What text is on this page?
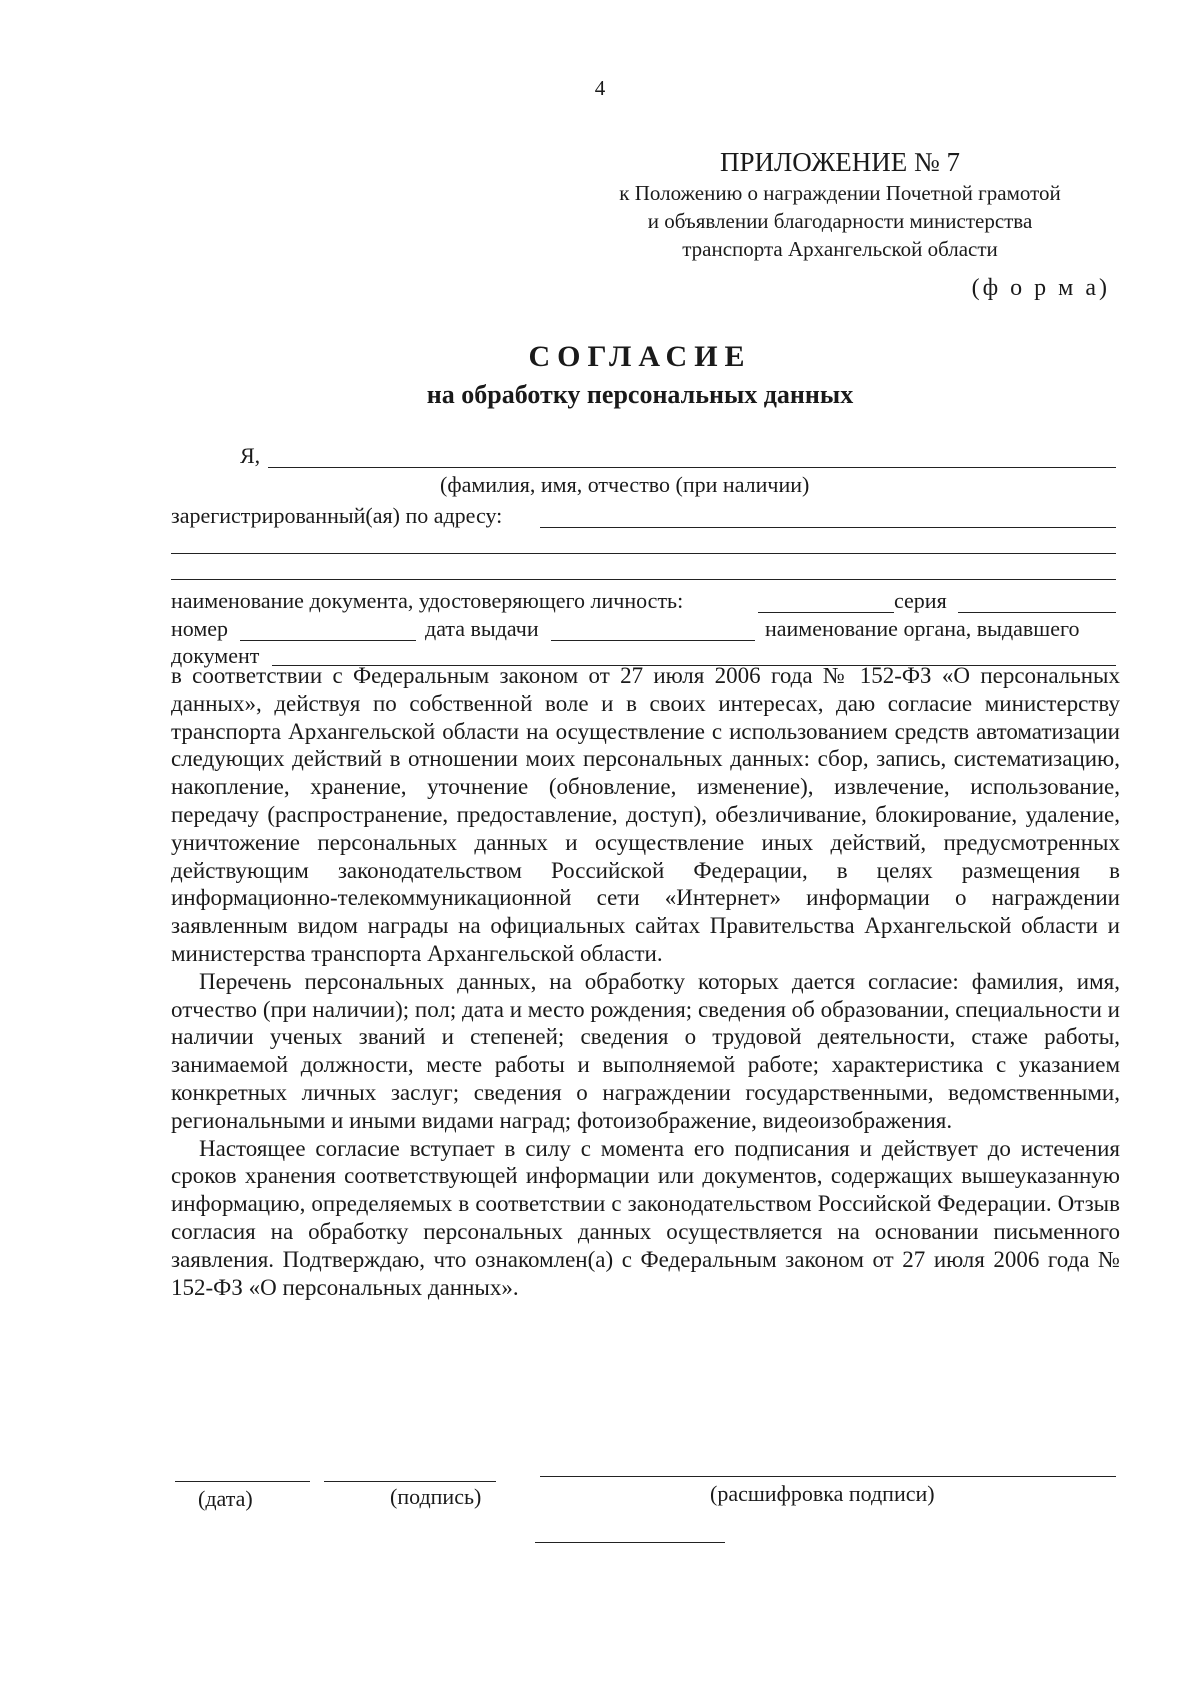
4
ПРИЛОЖЕНИЕ № 7
к Положению о награждении Почетной грамотой
и объявлении благодарности министерства
транспорта Архангельской области
(ф о р м а)
СОГЛАСИЕ
на обработку персональных данных
Я,
(фамилия, имя, отчество (при наличии)
зарегистрированный(ая) по адресу:
наименование документа, удостоверяющего личность:	серия
номер	дата выдачи	наименование органа, выдавшего
документ

в соответствии с Федеральным законом от 27 июля 2006 года № 152-ФЗ «О персональных данных», действуя по собственной воле и в своих интересах, даю согласие министерству транспорта Архангельской области на осуществление с использованием средств автоматизации следующих действий в отношении моих персональных данных: сбор, запись, систематизацию, накопление, хранение, уточнение (обновление, изменение), извлечение, использование, передачу (распространение, предоставление, доступ), обезличивание, блокирование, удаление, уничтожение персональных данных и осуществление иных действий, предусмотренных действующим законодательством Российской Федерации, в целях размещения в информационно-телекоммуникационной сети «Интернет» информации о награждении заявленным видом награды на официальных сайтах Правительства Архангельской области и министерства транспорта Архангельской области.

Перечень персональных данных, на обработку которых дается согласие: фамилия, имя, отчество (при наличии); пол; дата и место рождения; сведения об образовании, специальности и наличии ученых званий и степеней; сведения о трудовой деятельности, стаже работы, занимаемой должности, месте работы и выполняемой работе; характеристика с указанием конкретных личных заслуг; сведения о награждении государственными, ведомственными, региональными и иными видами наград; фотоизображение, видеоизображения.

Настоящее согласие вступает в силу с момента его подписания и действует до истечения сроков хранения соответствующей информации или документов, содержащих вышеуказанную информацию, определяемых в соответствии с законодательством Российской Федерации. Отзыв согласия на обработку персональных данных осуществляется на основании письменного заявления. Подтверждаю, что ознакомлен(а) с Федеральным законом от 27 июля 2006 года № 152-ФЗ «О персональных данных».

(дата)	(подпись)	(расшифровка подписи)
